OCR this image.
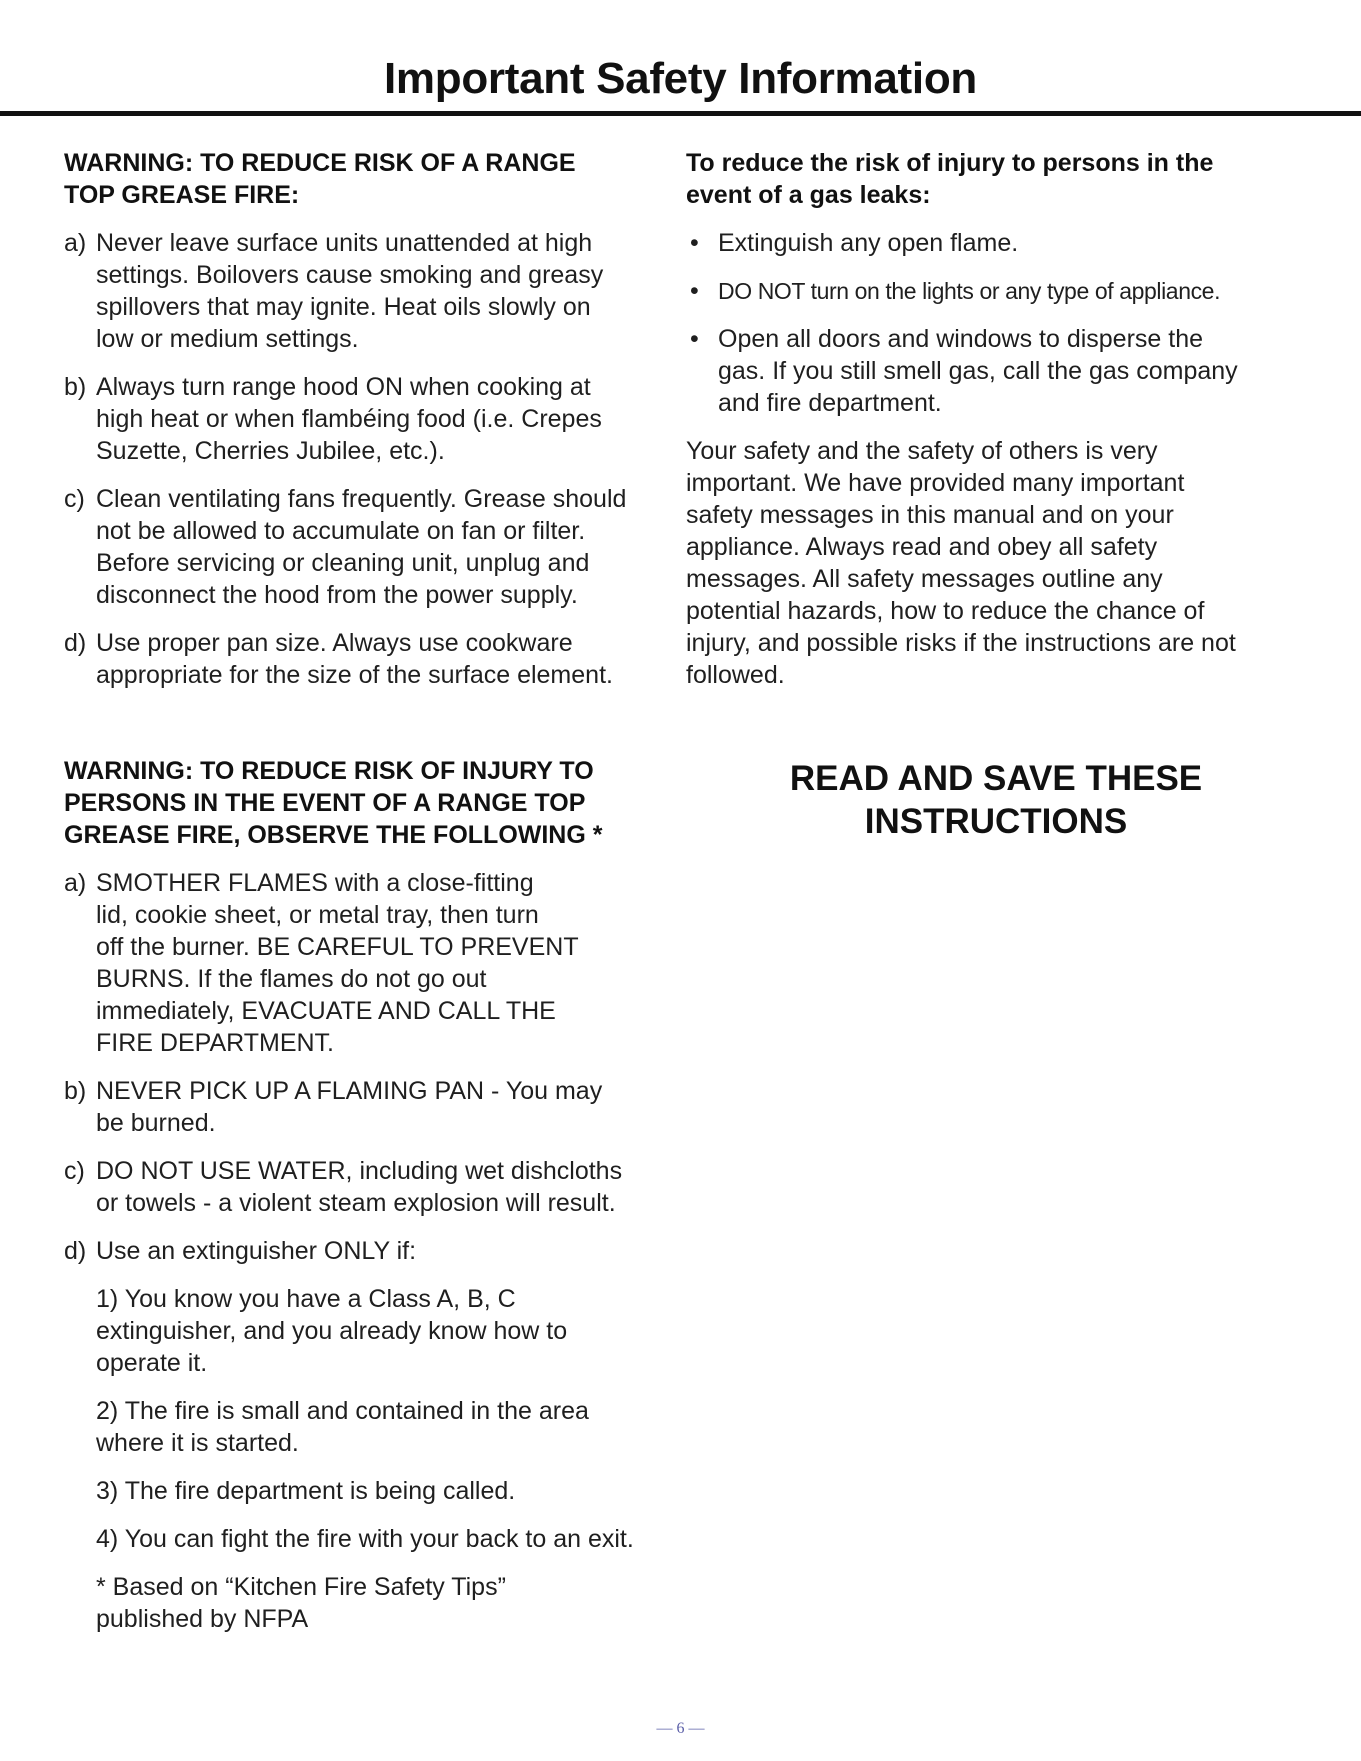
Important Safety Information
WARNING: TO REDUCE RISK OF A RANGE
TOP GREASE FIRE:
a) Never leave surface units unattended at high
settings. Boilovers cause smoking and greasy
spillovers that may ignite. Heat oils slowly on
low or medium settings.
b) Always turn range hood ON when cooking at
high heat or when flambéing food (i.e. Crepes
Suzette, Cherries Jubilee, etc.).
c) Clean ventilating fans frequently. Grease should
not be allowed to accumulate on fan or filter.
Before servicing or cleaning unit, unplug and
disconnect the hood from the power supply.
d) Use proper pan size. Always use cookware
appropriate for the size of the surface element.
WARNING: TO REDUCE RISK OF INJURY TO
PERSONS IN THE EVENT OF A RANGE TOP
GREASE FIRE, OBSERVE THE FOLLOWING *
a) SMOTHER FLAMES with a close-fitting
lid, cookie sheet, or metal tray, then turn
off the burner. BE CAREFUL TO PREVENT
BURNS. If the flames do not go out
immediately, EVACUATE AND CALL THE
FIRE DEPARTMENT.
b) NEVER PICK UP A FLAMING PAN - You may
be burned.
c) DO NOT USE WATER, including wet dishcloths
or towels - a violent steam explosion will result.
d) Use an extinguisher ONLY if:
1) You know you have a Class A, B, C
extinguisher, and you already know how to
operate it.
2) The fire is small and contained in the area
where it is started.
3) The fire department is being called.
4) You can fight the fire with your back to an exit.
* Based on “Kitchen Fire Safety Tips”
published by NFPA
To reduce the risk of injury to persons in the
event of a gas leaks:
• Extinguish any open flame.
• DO NOT turn on the lights or any type of appliance.
• Open all doors and windows to disperse the
gas. If you still smell gas, call the gas company
and fire department.
Your safety and the safety of others is very
important. We have provided many important
safety messages in this manual and on your
appliance. Always read and obey all safety
messages. All safety messages outline any
potential hazards, how to reduce the chance of
injury, and possible risks if the instructions are not
followed.
READ AND SAVE THESE
INSTRUCTIONS
— 6 —
